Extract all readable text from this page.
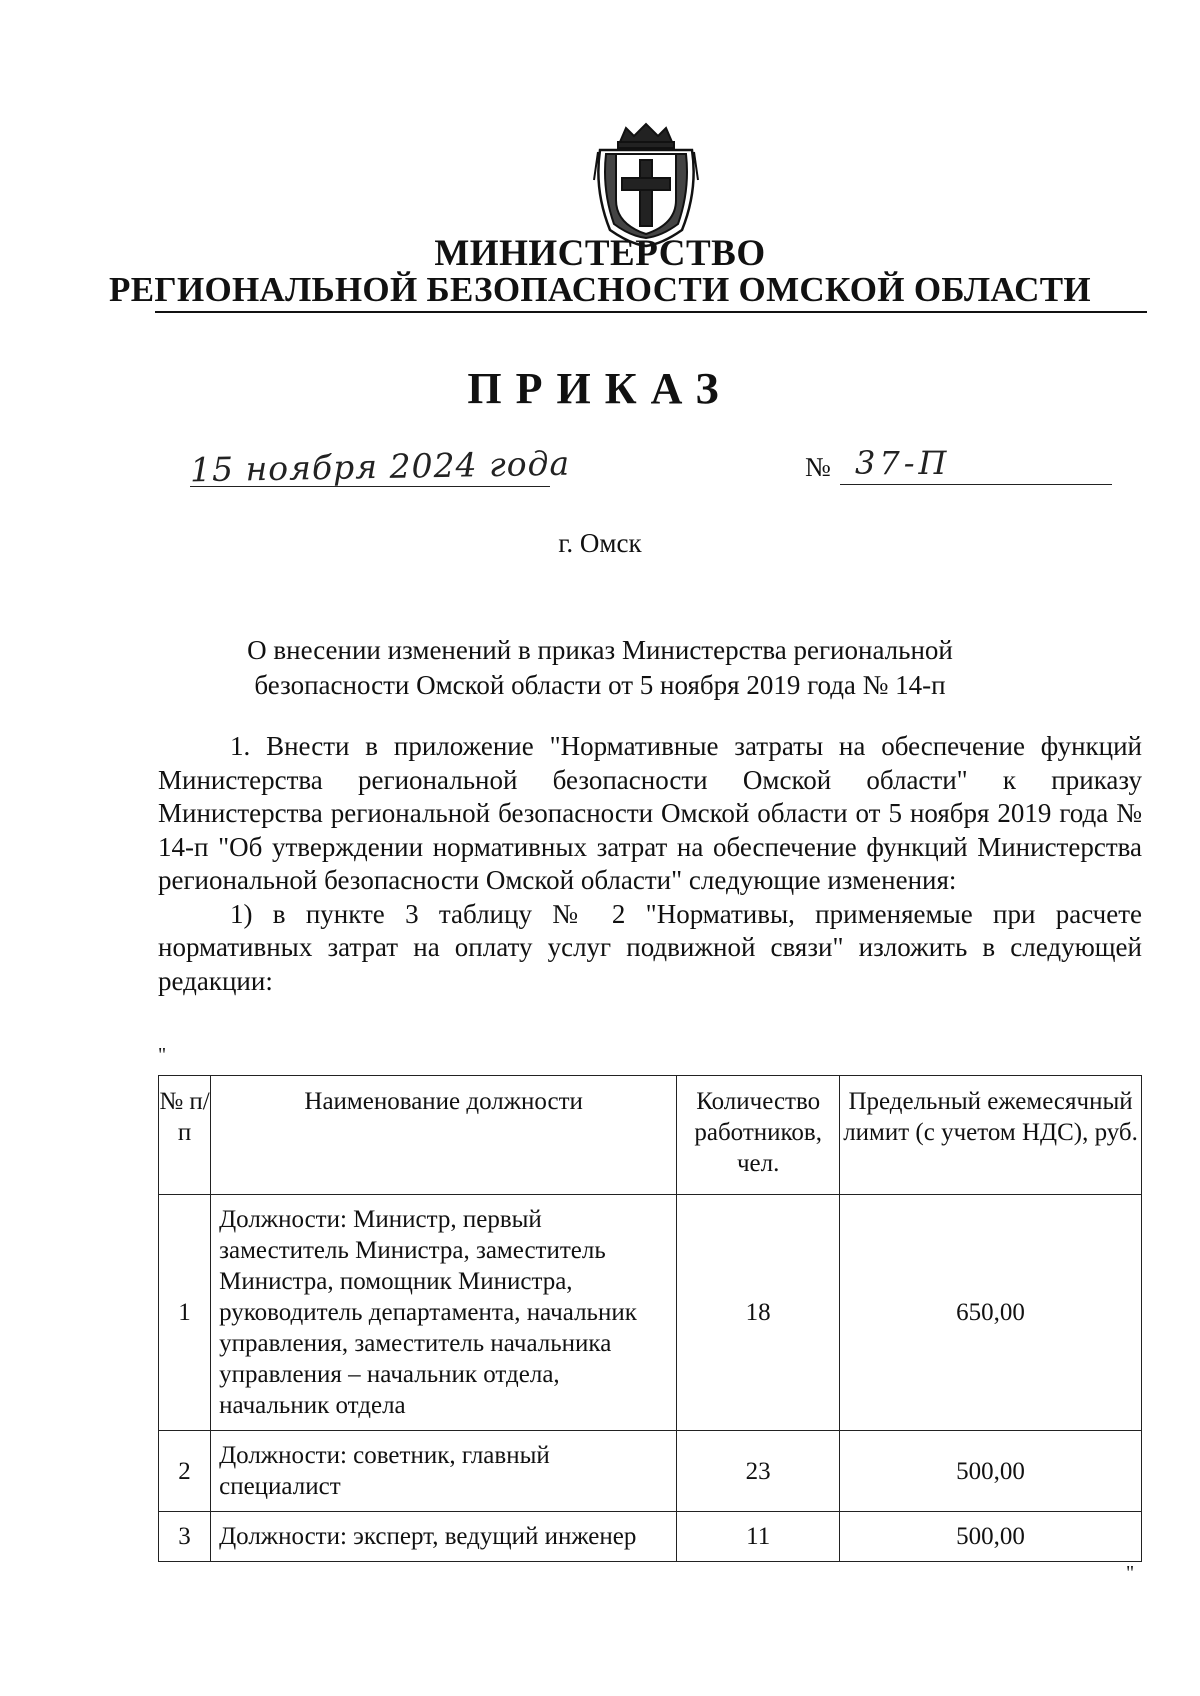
МИНИСТЕРСТВО
РЕГИОНАЛЬНОЙ БЕЗОПАСНОСТИ ОМСКОЙ ОБЛАСТИ
ПРИКАЗ
15 ноября 2024 года	№ 37-П
г. Омск
О внесении изменений в приказ Министерства региональной
безопасности Омской области от 5 ноября 2019 года № 14-п

1. Внести в приложение "Нормативные затраты на обеспечение функций Министерства региональной безопасности Омской области" к приказу Министерства региональной безопасности Омской области от 5 ноября 2019 года № 14-п "Об утверждении нормативных затрат на обеспечение функций Министерства региональной безопасности Омской области" следующие изменения:

1) в пункте 3 таблицу № 2 "Нормативы, применяемые при расчете нормативных затрат на оплату услуг подвижной связи" изложить в следующей редакции:

"
№ п/п	Наименование должности	Количество работников, чел.	Предельный ежемесячный лимит (с учетом НДС), руб.
1	Должности: Министр, первый заместитель Министра, заместитель Министра, помощник Министра, руководитель департамента, начальник управления, заместитель начальника управления – начальник отдела, начальник отдела	18	650,00
2	Должности: советник, главный специалист	23	500,00
3	Должности: эксперт, ведущий инженер	11	500,00
"
